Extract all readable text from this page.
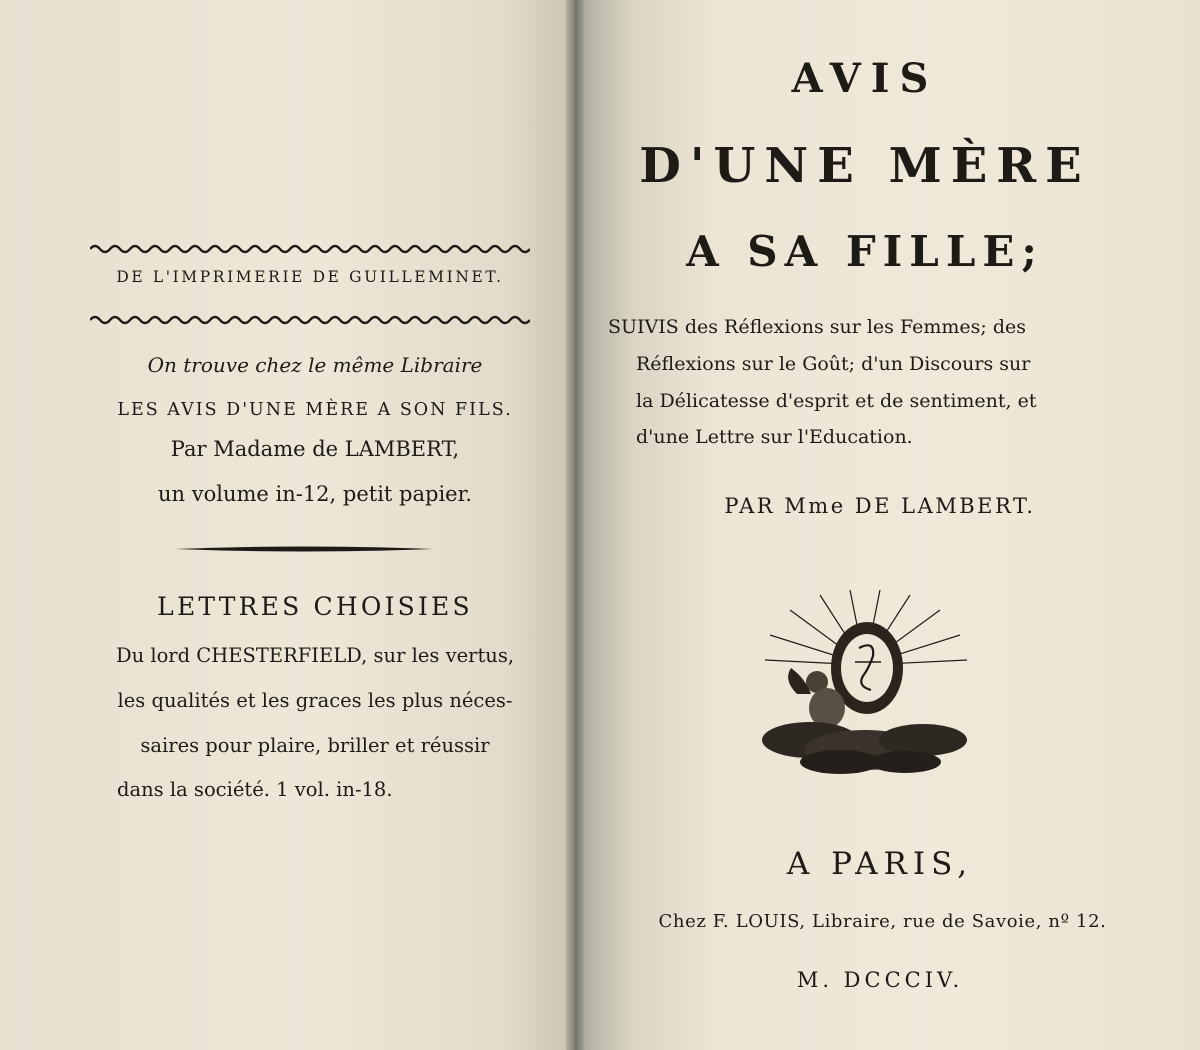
DE L'IMPRIMERIE DE GUILLEMINET.
On trouve chez le même Libraire
LES AVIS D'UNE MÈRE A SON FILS.
Par Madame de LAMBERT,
un volume in-12, petit papier.
LETTRES CHOISIES
Du lord CHESTERFIELD, sur les vertus,
les qualités et les graces les plus néces-
saires pour plaire, briller et réussir
dans la société. 1 vol. in-18.
AVIS
D'UNE MÈRE
A SA FILLE;
SUIVIS des Réflexions sur les Femmes; des
Réflexions sur le Goût; d'un Discours sur
la Délicatesse d'esprit et de sentiment, et
d'une Lettre sur l'Education.
PAR Mme DE LAMBERT.
A PARIS,
Chez F. LOUIS, Libraire, rue de Savoie, nº 12.
M. DCCCIV.
